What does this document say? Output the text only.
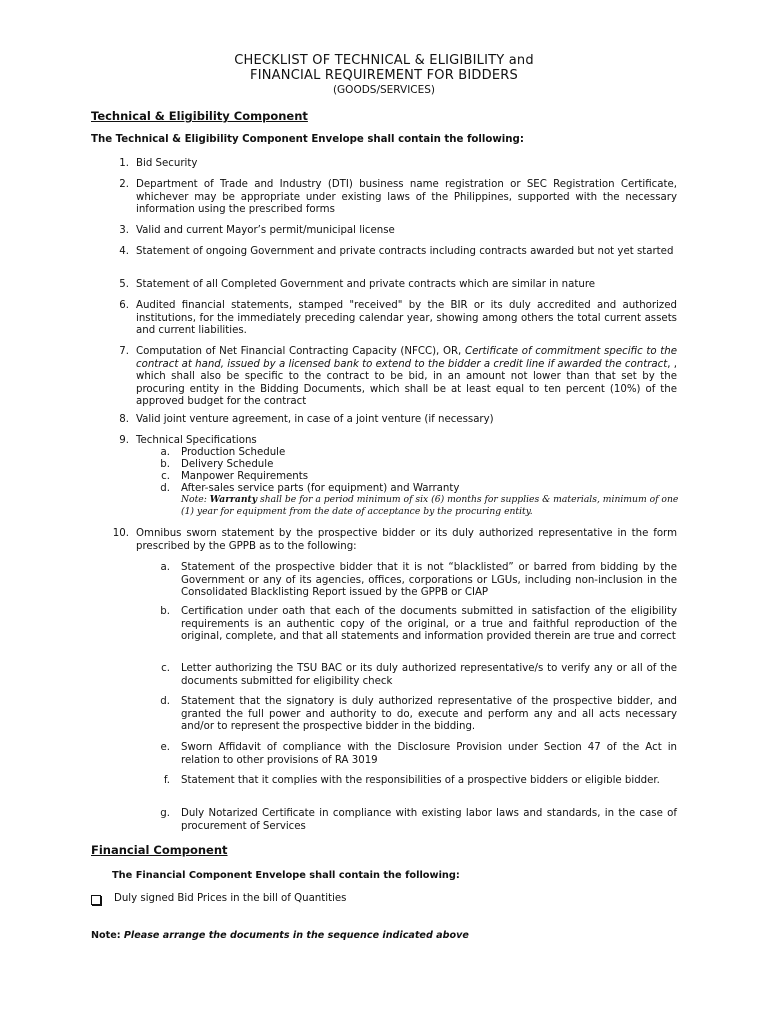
CHECKLIST OF TECHNICAL & ELIGIBILITY and
FINANCIAL REQUIREMENT FOR BIDDERS
(GOODS/SERVICES)
Technical & Eligibility Component
The Technical & Eligibility Component Envelope shall contain the following:
1. Bid Security
2. Department of Trade and Industry (DTI) business name registration or SEC Registration Certificate, whichever may be appropriate under existing laws of the Philippines, supported with the necessary information using the prescribed forms
3. Valid and current Mayor’s permit/municipal license
4. Statement of ongoing Government and private contracts including contracts awarded but not yet started
5. Statement of all Completed Government and private contracts which are similar in nature
6. Audited financial statements, stamped "received" by the BIR or its duly accredited and authorized institutions, for the immediately preceding calendar year, showing among others the total current assets and current liabilities.
7. Computation of Net Financial Contracting Capacity (NFCC), OR, Certificate of commitment specific to the contract at hand, issued by a licensed bank to extend to the bidder a credit line if awarded the contract, , which shall also be specific to the contract to be bid, in an amount not lower than that set by the procuring entity in the Bidding Documents, which shall be at least equal to ten percent (10%) of the approved budget for the contract
8. Valid joint venture agreement, in case of a joint venture (if necessary)
9. Technical Specifications
a. Production Schedule
b. Delivery Schedule
c. Manpower Requirements
d. After-sales service parts (for equipment) and Warranty
Note: Warranty shall be for a period minimum of six (6) months for supplies & materials, minimum of one (1) year for equipment from the date of acceptance by the procuring entity.
10. Omnibus sworn statement by the prospective bidder or its duly authorized representative in the form prescribed by the GPPB as to the following:
a. Statement of the prospective bidder that it is not “blacklisted” or barred from bidding by the Government or any of its agencies, offices, corporations or LGUs, including non-inclusion in the Consolidated Blacklisting Report issued by the GPPB or CIAP
b. Certification under oath that each of the documents submitted in satisfaction of the eligibility requirements is an authentic copy of the original, or a true and faithful reproduction of the original, complete, and that all statements and information provided therein are true and correct
c. Letter authorizing the TSU BAC or its duly authorized representative/s to verify any or all of the documents submitted for eligibility check
d. Statement that the signatory is duly authorized representative of the prospective bidder, and granted the full power and authority to do, execute and perform any and all acts necessary and/or to represent the prospective bidder in the bidding.
e. Sworn Affidavit of compliance with the Disclosure Provision under Section 47 of the Act in relation to other provisions of RA 3019
f. Statement that it complies with the responsibilities of a prospective bidders or eligible bidder.
g. Duly Notarized Certificate in compliance with existing labor laws and standards, in the case of procurement of Services
Financial Component
The Financial Component Envelope shall contain the following:
Duly signed Bid Prices in the bill of Quantities
Note: Please arrange the documents in the sequence indicated above
